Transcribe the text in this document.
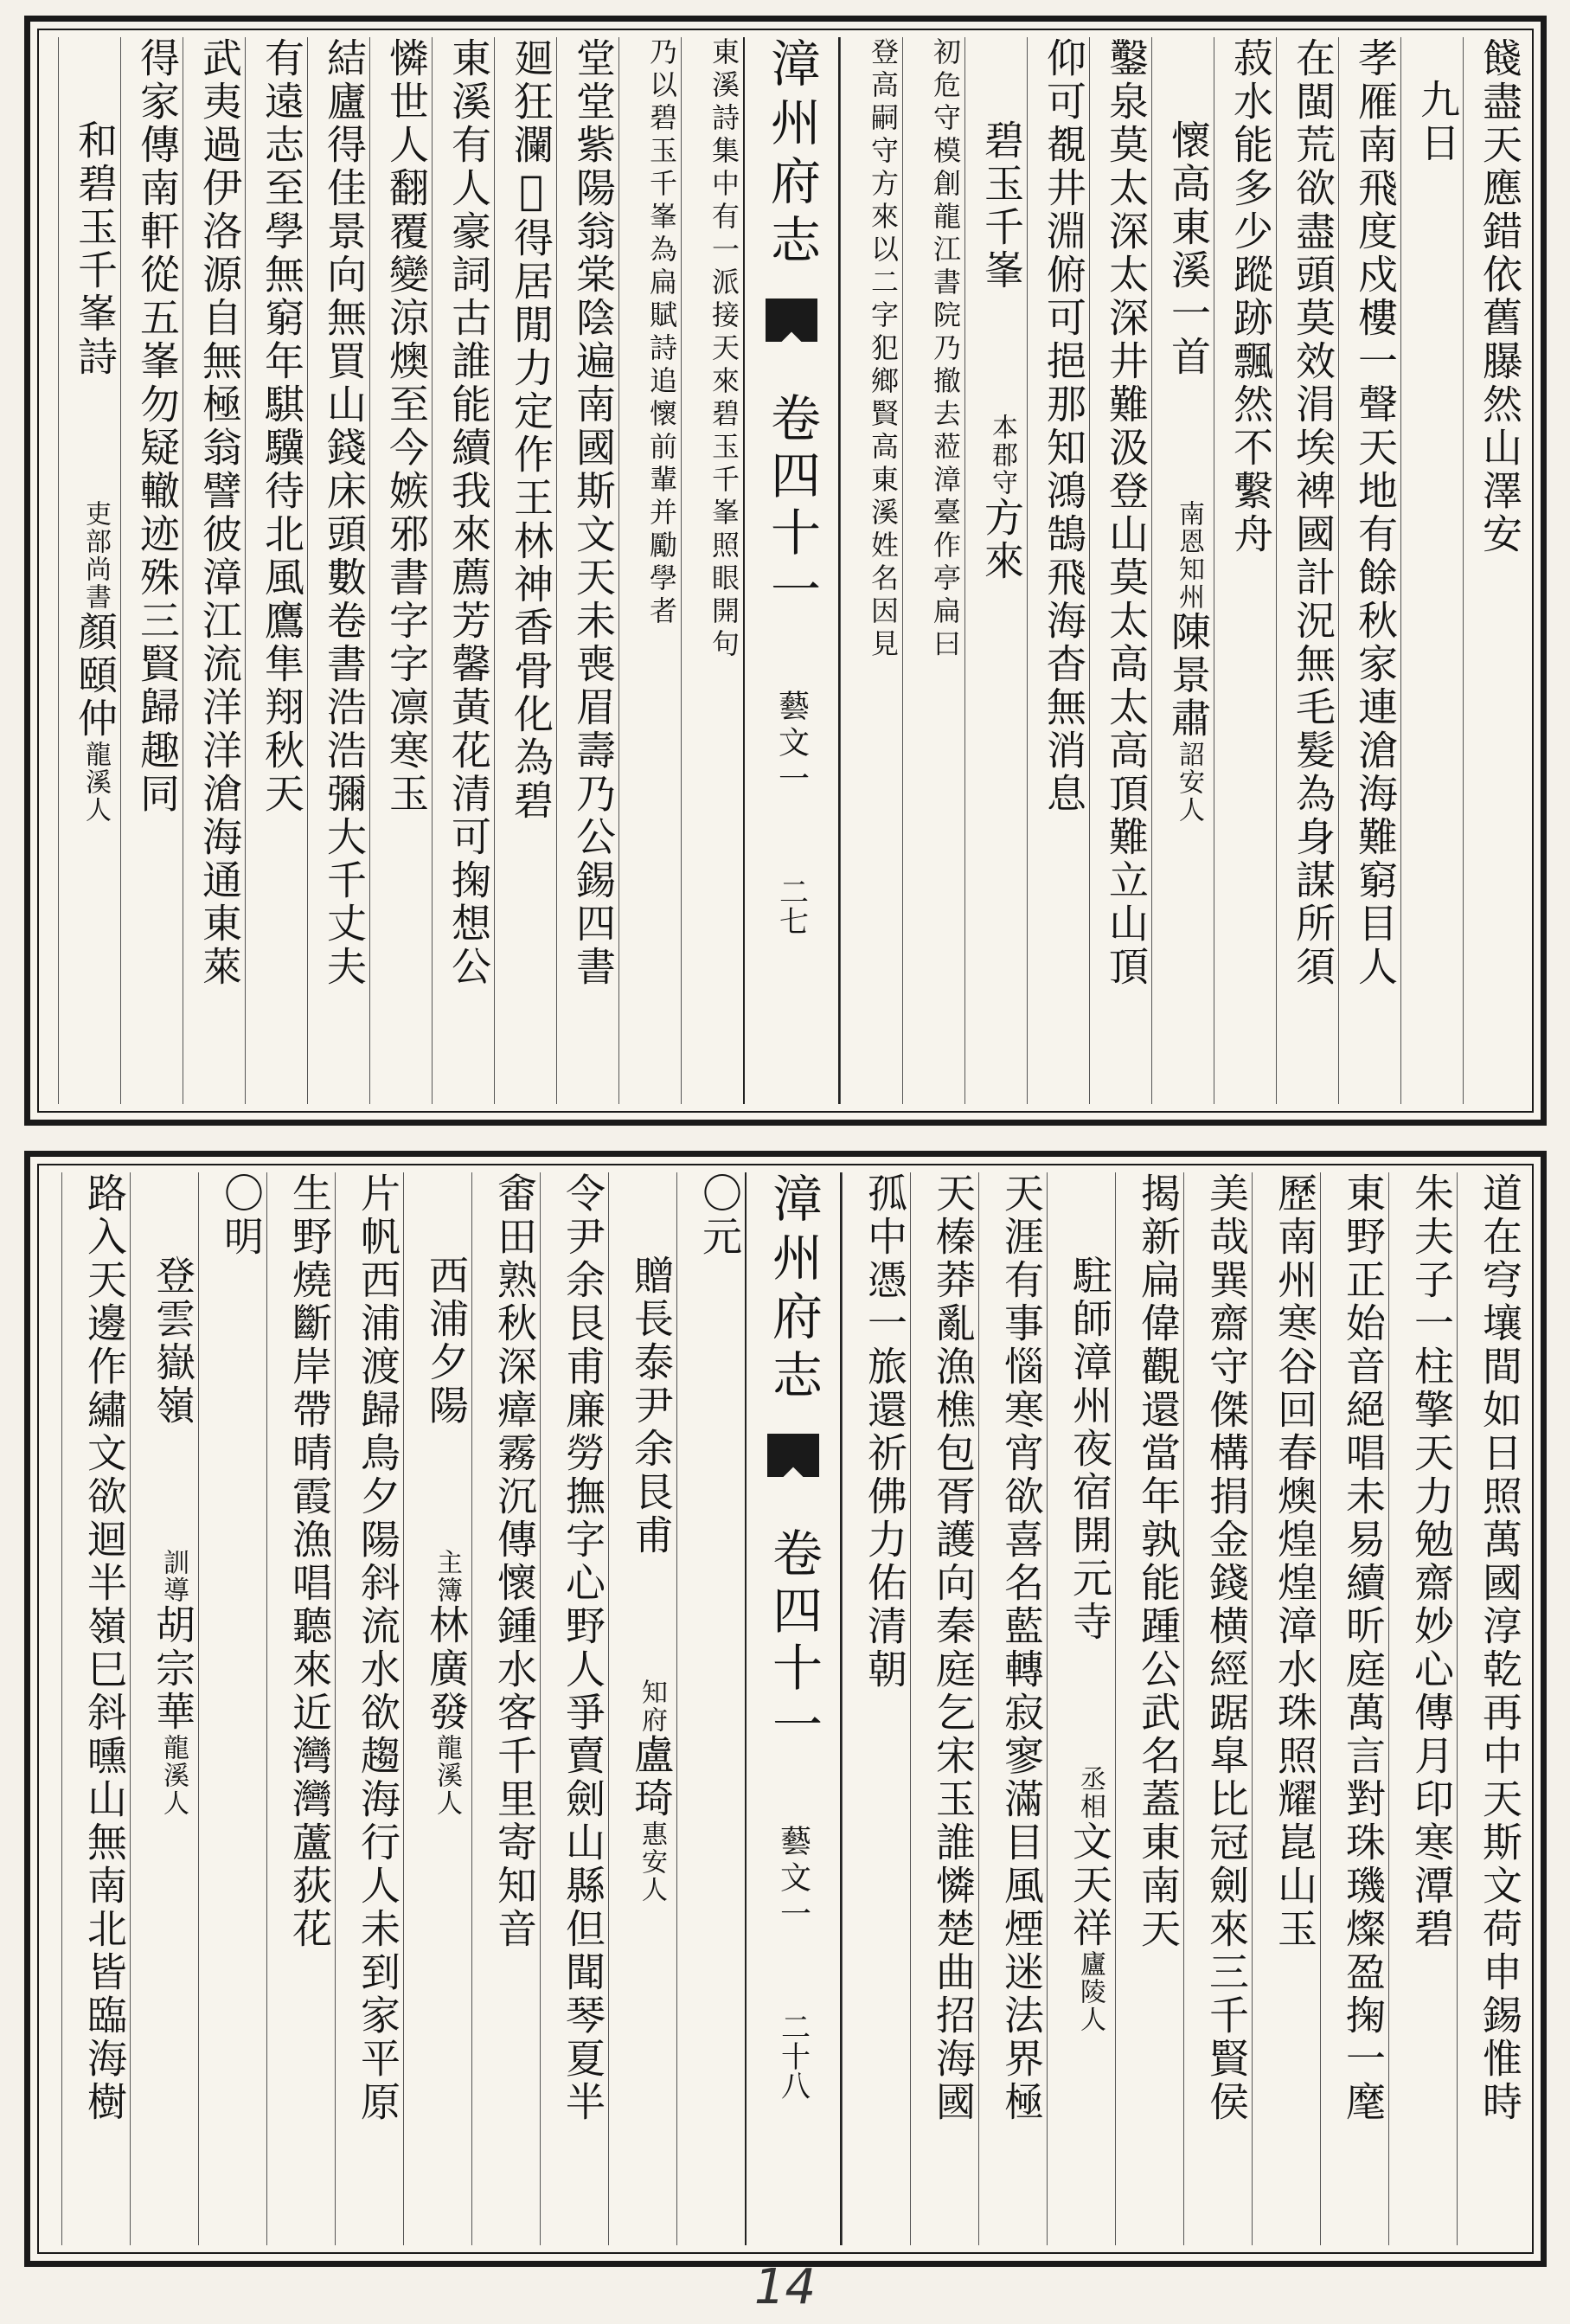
餞盡天應錯依舊𦢊然山澤安
九日
孝雁南飛度戍樓一聲天地有餘秋家連滄海難窮目人
在閩荒欲盡頭莫效涓埃裨國計況無毛髮為身謀所須
菽水能多少蹤跡飄然不繫舟
懷高東溪一首南恩知州陳景肅詔安人
鑿泉莫太深太深井難汲登山莫太高太高頂難立山頂
仰可覩井淵俯可挹那知鴻鵠飛海杳無消息
碧玉千峯本郡守方來
初危守模創龍江書院乃撤去蒞漳臺作亭扁曰
登高嗣守方來以二字犯鄉賢高東溪姓名因見
漳州府志
卷四十一
藝文一
二七
東溪詩集中有一派接天來碧玉千峯照眼開句
乃以碧玉千峯為扁賦詩追懷前輩并勵學者
堂堂紫陽翁棠陰遍南國斯文天未喪眉壽乃公錫四書
廻狂瀾𦫵得居閒力定作王林神香骨化為碧
東溪有人豪詞古誰能續我來薦芳馨黃花清可掬想公
憐世人翻覆變涼燠至今嫉邪書字字凛寒玉
結廬得佳景向無買山錢床頭數卷書浩浩彌大千丈夫
有遠志至學無窮年騏驥待北風鷹隼翔秋天
武夷過伊洛源自無極翁譬彼漳江流洋洋滄海通東萊
得家傳南軒從五峯勿疑轍迹殊三賢歸趣同
和碧玉千峯詩吏部尚書顏頤仲龍溪人
道在穹壤間如日照萬國淳乾再中天斯文荷申錫惟時
朱夫子一柱擎天力勉齋妙心傳月印寒潭碧
東野正始音絕唱未易續昕庭萬言對珠璣燦盈掬一麾
歷南州寒谷回春燠煌煌漳水珠照耀崑山玉
美哉巽齋守傑構捐金錢横經踞皐比冠劍來三千賢侯
揭新扁偉觀還當年孰能踵公武名蓋東南天
駐師漳州夜宿開元寺丞相文天祥廬陵人
天涯有事惱寒宵欲喜名藍轉寂寥滿目風煙迷法界極
天榛莽亂漁樵包胥護向秦庭乞宋玉誰憐楚曲招海國
孤中憑一旅還祈佛力佑清朝
漳州府志
卷四十一
藝文一
二十八
〇元
贈長泰尹余艮甫知府盧琦惠安人
令尹余艮甫廉勞撫字心野人爭賣劍山縣但聞琴夏半
畬田熟秋深瘴霧沉傳懷鍾水客千里寄知音
西浦夕陽主簿林廣發龍溪人
片帆西浦渡歸鳥夕陽斜流水欲趨海行人未到家平原
生野燒斷岸帶晴霞漁唱聽來近灣灣蘆荻花
〇明
登雲嶽嶺訓導胡宗華龍溪人
路入天邊作繡文欲迴半嶺巳斜曛山無南北皆臨海樹
14
